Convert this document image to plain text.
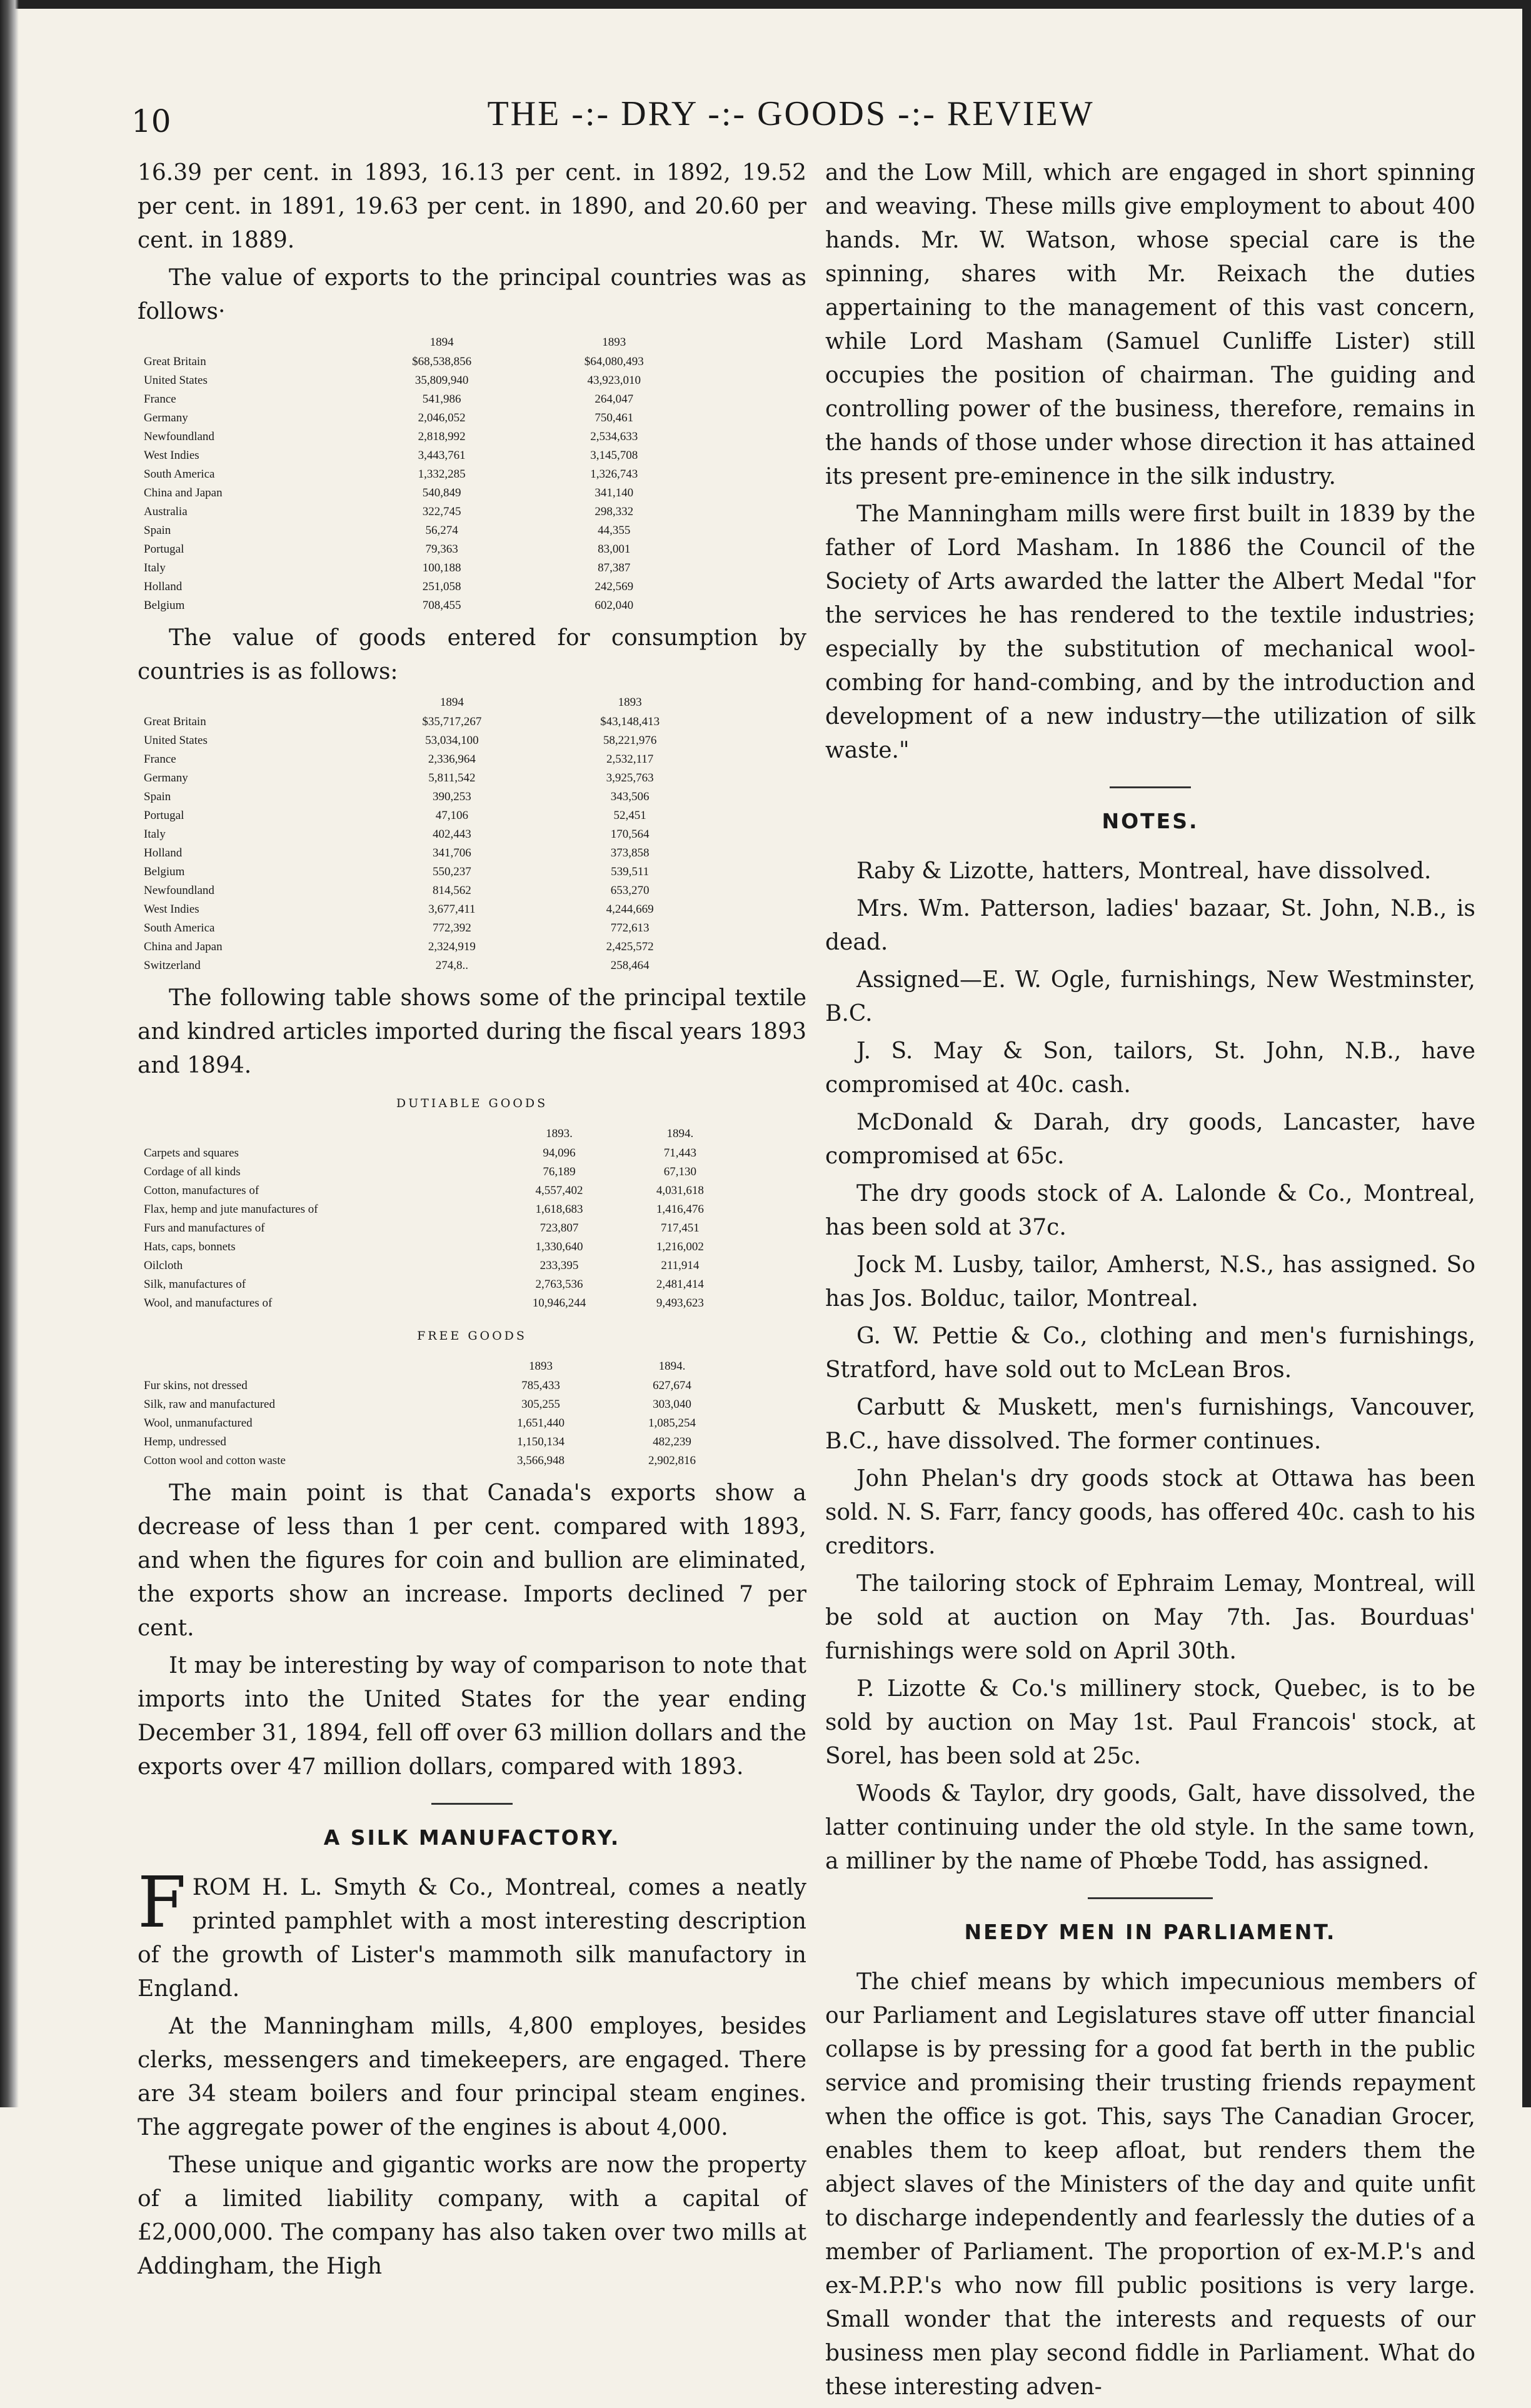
10	THE -:- DRY -:- GOODS -:- REVIEW

16.39 per cent. in 1893, 16.13 per cent. in 1892, 19.52 per cent. in 1891, 19.63 per cent. in 1890, and 20.60 per cent. in 1889.

The value of exports to the principal countries was as follows·

	1894	1893
Great Britain	$68,538,856	$64,080,493
United States	35,809,940	43,923,010
France	541,986	264,047
Germany	2,046,052	750,461
Newfoundland	2,818,992	2,534,633
West Indies	3,443,761	3,145,708
South America	1,332,285	1,326,743
China and Japan	540,849	341,140
Australia	322,745	298,332
Spain	56,274	44,355
Portugal	79,363	83,001
Italy	100,188	87,387
Holland	251,058	242,569
Belgium	708,455	602,040

The value of goods entered for consumption by countries is as follows:

	1894	1893
Great Britain	$35,717,267	$43,148,413
United States	53,034,100	58,221,976
France	2,336,964	2,532,117
Germany	5,811,542	3,925,763
Spain	390,253	343,506
Portugal	47,106	52,451
Italy	402,443	170,564
Holland	341,706	373,858
Belgium	550,237	539,511
Newfoundland	814,562	653,270
West Indies	3,677,411	4,244,669
South America	772,392	772,613
China and Japan	2,324,919	2,425,572
Switzerland	274,8..	258,464

The following table shows some of the principal textile and kindred articles imported during the fiscal years 1893 and 1894.

DUTIABLE GOODS
	1893.	1894.
Carpets and squares	94,096	71,443
Cordage of all kinds	76,189	67,130
Cotton, manufactures of	4,557,402	4,031,618
Flax, hemp and jute manufactures of	1,618,683	1,416,476
Furs and manufactures of	723,807	717,451
Hats, caps, bonnets	1,330,640	1,216,002
Oilcloth	233,395	211,914
Silk, manufactures of	2,763,536	2,481,414
Wool, and manufactures of	10,946,244	9,493,623
FREE GOODS
	1893	1894.
Fur skins, not dressed	785,433	627,674
Silk, raw and manufactured	305,255	303,040
Wool, unmanufactured	1,651,440	1,085,254
Hemp, undressed	1,150,134	482,239
Cotton wool and cotton waste	3,566,948	2,902,816

The main point is that Canada's exports show a decrease of less than 1 per cent. compared with 1893, and when the figures for coin and bullion are eliminated, the exports show an increase. Imports declined 7 per cent.

It may be interesting by way of comparison to note that imports into the United States for the year ending December 31, 1894, fell off over 63 million dollars and the exports over 47 million dollars, compared with 1893.

A SILK MANUFACTORY.

FROM H. L. Smyth & Co., Montreal, comes a neatly printed pamphlet with a most interesting description of the growth of Lister's mammoth silk manufactory in England.

At the Manningham mills, 4,800 employes, besides clerks, messengers and timekeepers, are engaged. There are 34 steam boilers and four principal steam engines. The aggregate power of the engines is about 4,000.

These unique and gigantic works are now the property of a limited liability company, with a capital of £2,000,000. The company has also taken over two mills at Addingham, the High

and the Low Mill, which are engaged in short spinning and weaving. These mills give employment to about 400 hands. Mr. W. Watson, whose special care is the spinning, shares with Mr. Reixach the duties appertaining to the management of this vast concern, while Lord Masham (Samuel Cunliffe Lister) still occupies the position of chairman. The guiding and controlling power of the business, therefore, remains in the hands of those under whose direction it has attained its present pre-eminence in the silk industry.

The Manningham mills were first built in 1839 by the father of Lord Masham. In 1886 the Council of the Society of Arts awarded the latter the Albert Medal "for the services he has rendered to the textile industries; especially by the substitution of mechanical wool-combing for hand-combing, and by the introduction and development of a new industry—the utilization of silk waste."

NOTES.

Raby & Lizotte, hatters, Montreal, have dissolved.

Mrs. Wm. Patterson, ladies' bazaar, St. John, N.B., is dead.

Assigned—E. W. Ogle, furnishings, New Westminster, B.C.

J. S. May & Son, tailors, St. John, N.B., have compromised at 40c. cash.

McDonald & Darah, dry goods, Lancaster, have compromised at 65c.

The dry goods stock of A. Lalonde & Co., Montreal, has been sold at 37c.

Jock M. Lusby, tailor, Amherst, N.S., has assigned. So has Jos. Bolduc, tailor, Montreal.

G. W. Pettie & Co., clothing and men's furnishings, Stratford, have sold out to McLean Bros.

Carbutt & Muskett, men's furnishings, Vancouver, B.C., have dissolved. The former continues.

John Phelan's dry goods stock at Ottawa has been sold. N. S. Farr, fancy goods, has offered 40c. cash to his creditors.

The tailoring stock of Ephraim Lemay, Montreal, will be sold at auction on May 7th. Jas. Bourduas' furnishings were sold on April 30th.

P. Lizotte & Co.'s millinery stock, Quebec, is to be sold by auction on May 1st. Paul Francois' stock, at Sorel, has been sold at 25c.

Woods & Taylor, dry goods, Galt, have dissolved, the latter continuing under the old style. In the same town, a milliner by the name of Phœbe Todd, has assigned.

NEEDY MEN IN PARLIAMENT.

The chief means by which impecunious members of our Parliament and Legislatures stave off utter financial collapse is by pressing for a good fat berth in the public service and promising their trusting friends repayment when the office is got. This, says The Canadian Grocer, enables them to keep afloat, but renders them the abject slaves of the Ministers of the day and quite unfit to discharge independently and fearlessly the duties of a member of Parliament. The proportion of ex-M.P.'s and ex-M.P.P.'s who now fill public positions is very large. Small wonder that the interests and requests of our business men play second fiddle in Parliament. What do these interesting adven-
